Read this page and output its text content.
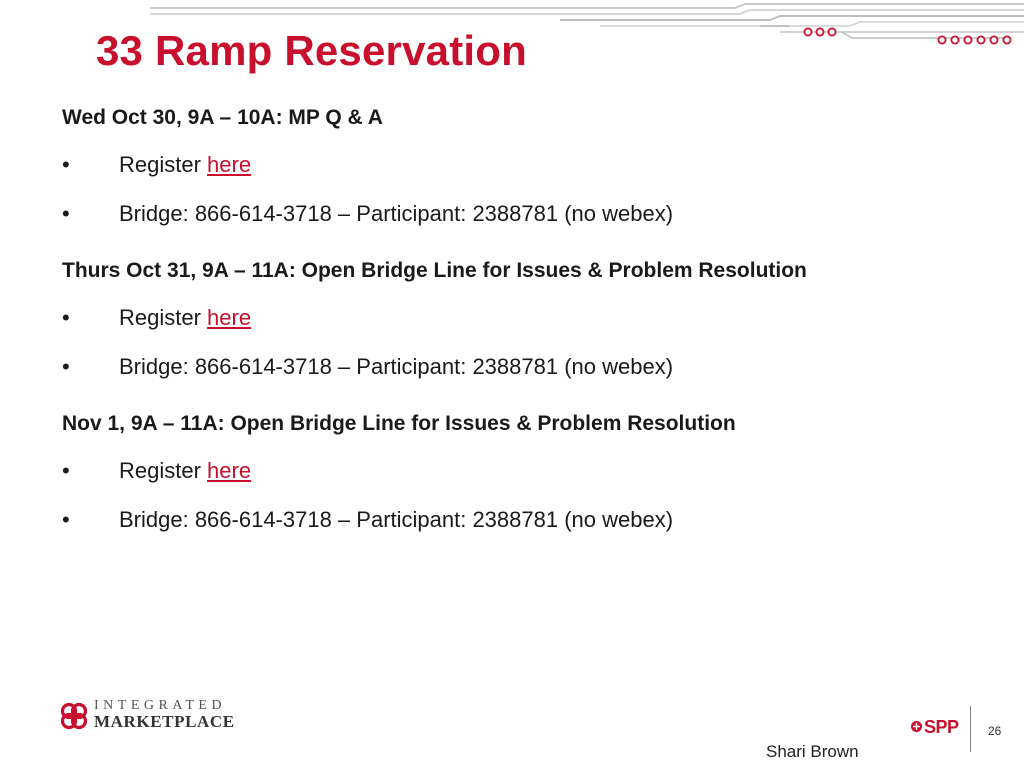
33 Ramp Reservation
Wed Oct 30, 9A – 10A: MP Q & A
• Register here
• Bridge: 866-614-3718 – Participant: 2388781 (no webex)
Thurs Oct 31, 9A – 11A: Open Bridge Line for Issues & Problem Resolution
• Register here
• Bridge: 866-614-3718 – Participant: 2388781 (no webex)
Nov 1, 9A – 11A: Open Bridge Line for Issues & Problem Resolution
• Register here
• Bridge: 866-614-3718 – Participant: 2388781 (no webex)
INTEGRATED
MARKETPLACE	SPP 26
Shari Brown
